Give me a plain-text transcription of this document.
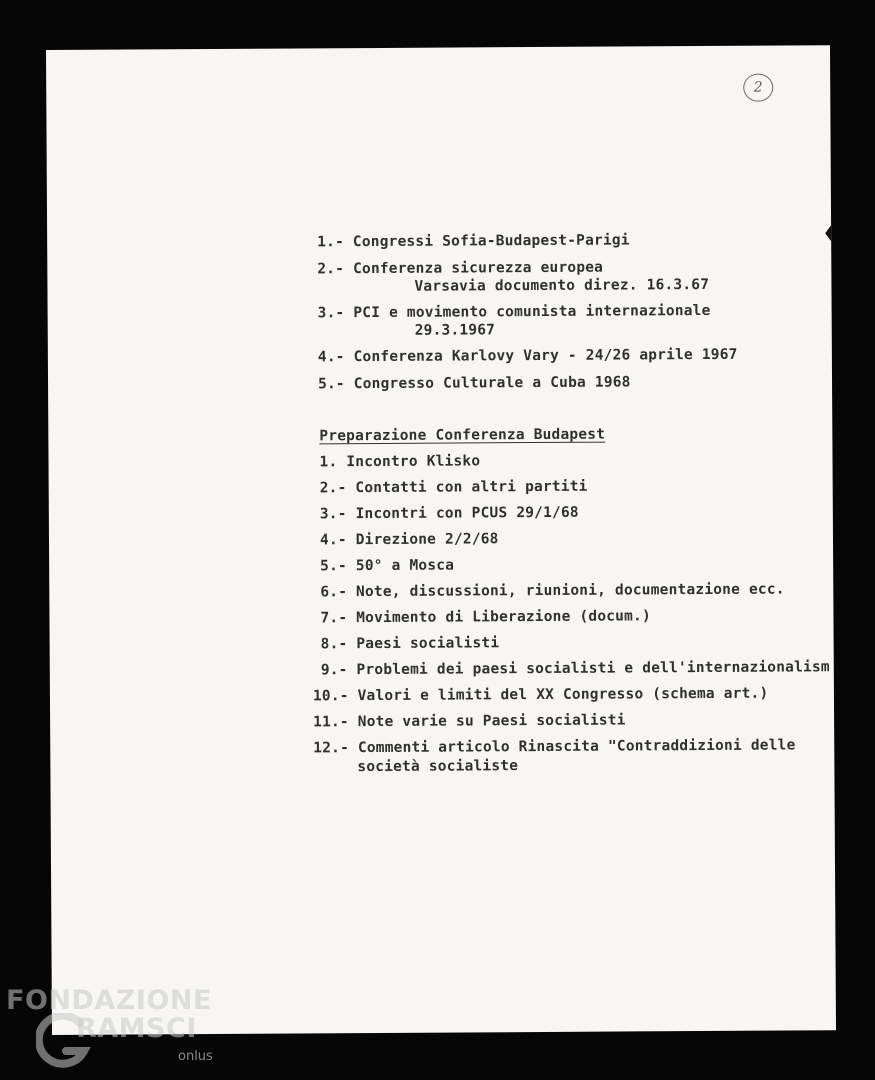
2
1.- Congressi Sofia-Budapest-Parigi
2.- Conferenza sicurezza europea
Varsavia documento direz. 16.3.67
3.- PCI e movimento comunista internazionale
29.3.1967
4.- Conferenza Karlovy Vary - 24/26 aprile 1967
5.- Congresso Culturale a Cuba 1968
Preparazione Conferenza Budapest
1. Incontro Klisko
2.- Contatti con altri partiti
3.- Incontri con PCUS 29/1/68
4.- Direzione 2/2/68
5.- 50° a Mosca
6.- Note, discussioni, riunioni, documentazione ecc.
7.- Movimento di Liberazione (docum.)
8.- Paesi socialisti
9.- Problemi dei paesi socialisti e dell'internazionalism
10.- Valori e limiti del XX Congresso (schema art.)
11.- Note varie su Paesi socialisti
12.- Commenti articolo Rinascita "Contraddizioni delle
società socialiste
FONDAZIONE
RAMSCI
onlus
